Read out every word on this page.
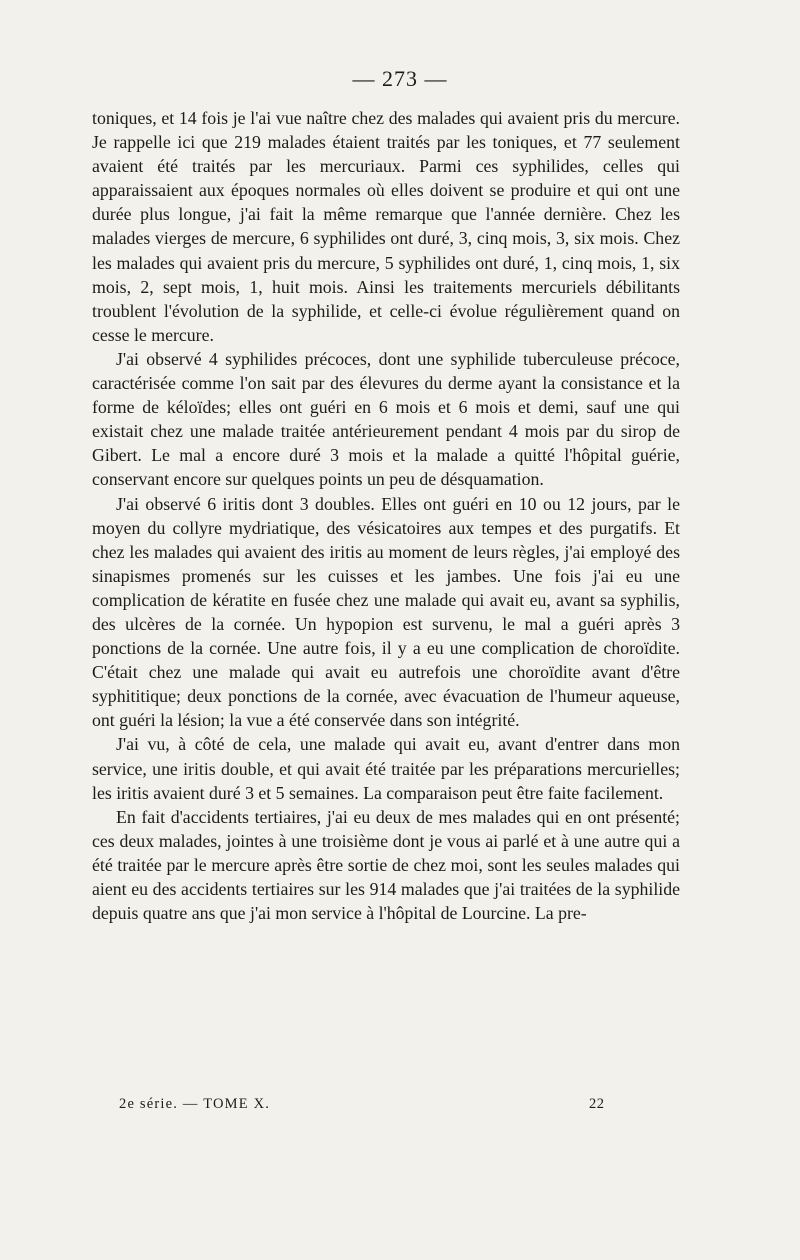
— 273 —

toniques, et 14 fois je l'ai vue naître chez des malades qui avaient pris du mercure. Je rappelle ici que 219 malades étaient traités par les toniques, et 77 seulement avaient été traités par les mercuriaux. Parmi ces syphilides, celles qui apparaissaient aux époques normales où elles doivent se produire et qui ont une durée plus longue, j'ai fait la même remarque que l'année dernière. Chez les malades vierges de mercure, 6 syphilides ont duré, 3, cinq mois, 3, six mois. Chez les malades qui avaient pris du mercure, 5 syphilides ont duré, 1, cinq mois, 1, six mois, 2, sept mois, 1, huit mois. Ainsi les traitements mercuriels débilitants troublent l'évolution de la syphilide, et celle-ci évolue régulièrement quand on cesse le mercure.

J'ai observé 4 syphilides précoces, dont une syphilide tuberculeuse précoce, caractérisée comme l'on sait par des élevures du derme ayant la consistance et la forme de kéloïdes; elles ont guéri en 6 mois et 6 mois et demi, sauf une qui existait chez une malade traitée antérieurement pendant 4 mois par du sirop de Gibert. Le mal a encore duré 3 mois et la malade a quitté l'hôpital guérie, conservant encore sur quelques points un peu de désquamation.

J'ai observé 6 iritis dont 3 doubles. Elles ont guéri en 10 ou 12 jours, par le moyen du collyre mydriatique, des vésicatoires aux tempes et des purgatifs. Et chez les malades qui avaient des iritis au moment de leurs règles, j'ai employé des sinapismes promenés sur les cuisses et les jambes. Une fois j'ai eu une complication de kératite en fusée chez une malade qui avait eu, avant sa syphilis, des ulcères de la cornée. Un hypopion est survenu, le mal a guéri après 3 ponctions de la cornée. Une autre fois, il y a eu une complication de choroïdite. C'était chez une malade qui avait eu autrefois une choroïdite avant d'être syphititique; deux ponctions de la cornée, avec évacuation de l'humeur aqueuse, ont guéri la lésion; la vue a été conservée dans son intégrité.

J'ai vu, à côté de cela, une malade qui avait eu, avant d'entrer dans mon service, une iritis double, et qui avait été traitée par les préparations mercurielles; les iritis avaient duré 3 et 5 semaines. La comparaison peut être faite facilement.

En fait d'accidents tertiaires, j'ai eu deux de mes malades qui en ont présenté; ces deux malades, jointes à une troisième dont je vous ai parlé et à une autre qui a été traitée par le mercure après être sortie de chez moi, sont les seules malades qui aient eu des accidents tertiaires sur les 914 malades que j'ai traitées de la syphilide depuis quatre ans que j'ai mon service à l'hôpital de Lourcine. La pre-

2e série. — TOME X.	22
